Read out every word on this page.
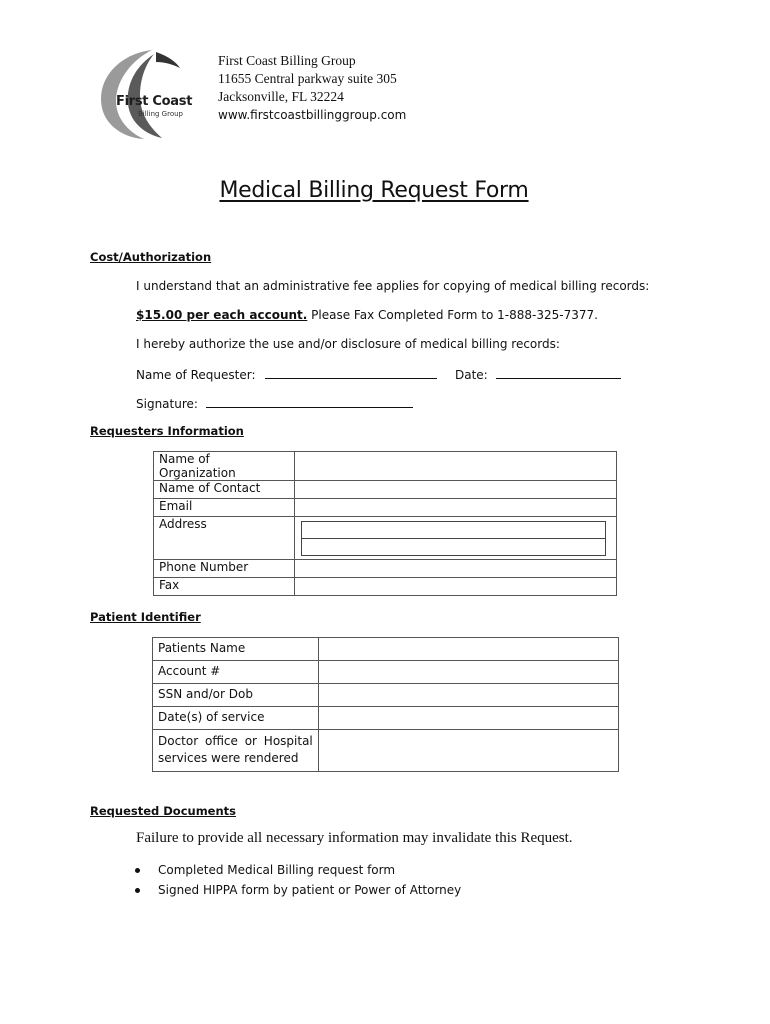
First Coast
Billing Group
First Coast Billing Group
11655 Central parkway suite 305
Jacksonville, FL 32224
www.firstcoastbillinggroup.com
Medical Billing Request Form
Cost/Authorization
I understand that an administrative fee applies for copying of medical billing records:
$15.00 per each account. Please Fax Completed Form to 1-888-325-7377.
I hereby authorize the use and/or disclosure of medical billing records:
Name of Requester:	Date:
Signature:
Requesters Information
Name of Organization	
Name of Contact	
Email	
Address	

Phone Number	
Fax	
Patient Identifier
Patients Name	
Account #	
SSN and/or Dob	
Date(s) of service	

Doctor office or Hospital
services were rendered	

Requested Documents
Failure to provide all necessary information may invalidate this Request.
Completed Medical Billing request form
Signed HIPPA form by patient or Power of Attorney
